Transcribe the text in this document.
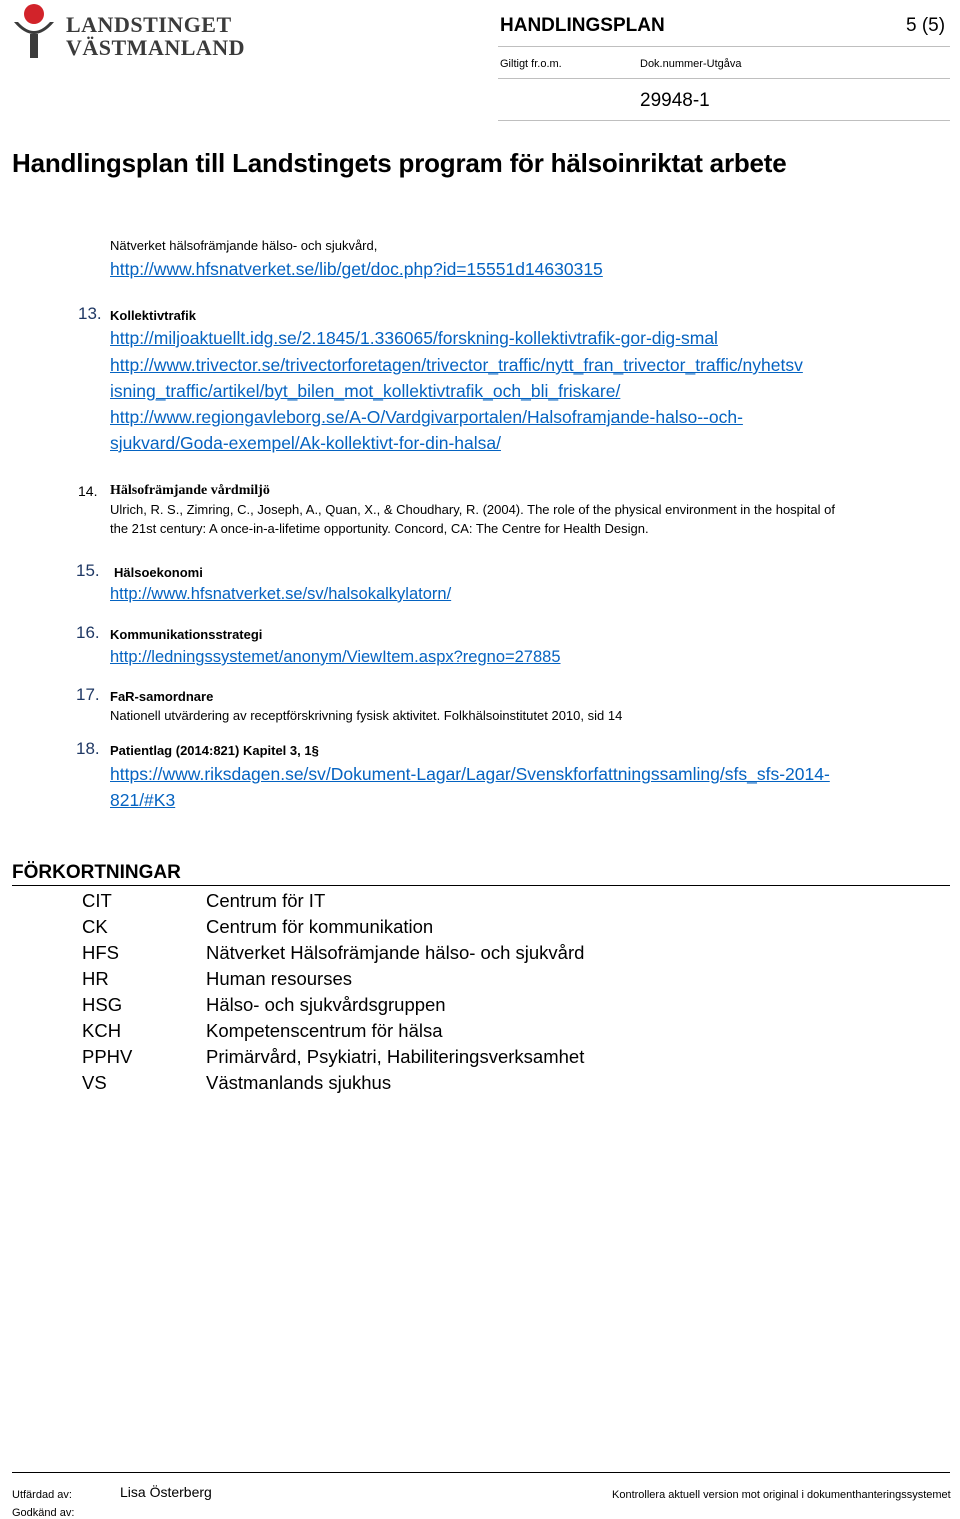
LANDSTINGET
VÄSTMANLAND
HANDLINGSPLAN	5 (5)
Giltigt fr.o.m.	Dok.nummer-Utgåva
29948-1
Handlingsplan till Landstingets program för hälsoinriktat arbete
Nätverket hälsofrämjande hälso- och sjukvård,
http://www.hfsnatverket.se/lib/get/doc.php?id=15551d14630315
13. Kollektivtrafik
http://miljoaktuellt.idg.se/2.1845/1.336065/forskning-kollektivtrafik-gor-dig-smal
http://www.trivector.se/trivectorforetagen/trivector_traffic/nytt_fran_trivector_traffic/nyhetsv
isning_traffic/artikel/byt_bilen_mot_kollektivtrafik_och_bli_friskare/
http://www.regiongavleborg.se/A-O/Vardgivarportalen/Halsoframjande-halso--och-
sjukvard/Goda-exempel/Ak-kollektivt-for-din-halsa/
14. Hälsofrämjande vårdmiljö
Ulrich, R. S., Zimring, C., Joseph, A., Quan, X., & Choudhary, R. (2004). The role of the physical environment in the hospital of
the 21st century: A once-in-a-lifetime opportunity. Concord, CA: The Centre for Health Design.
15. Hälsoekonomi
http://www.hfsnatverket.se/sv/halsokalkylatorn/
16. Kommunikationsstrategi
http://ledningssystemet/anonym/ViewItem.aspx?regno=27885
17. FaR-samordnare
Nationell utvärdering av receptförskrivning fysisk aktivitet. Folkhälsoinstitutet 2010, sid 14
18. Patientlag (2014:821) Kapitel 3, 1§
https://www.riksdagen.se/sv/Dokument-Lagar/Lagar/Svenskforfattningssamling/sfs_sfs-2014-
821/#K3
FÖRKORTNINGAR
CIT	Centrum för IT
CK	Centrum för kommunikation
HFS	Nätverket Hälsofrämjande hälso- och sjukvård
HR	Human resourses
HSG	Hälso- och sjukvårdsgruppen
KCH	Kompetenscentrum för hälsa
PPHV	Primärvård, Psykiatri, Habiliteringsverksamhet
VS	Västmanlands sjukhus
Utfärdad av:	Lisa Österberg
Godkänd av:
Kontrollera aktuell version mot original i dokumenthanteringssystemet
